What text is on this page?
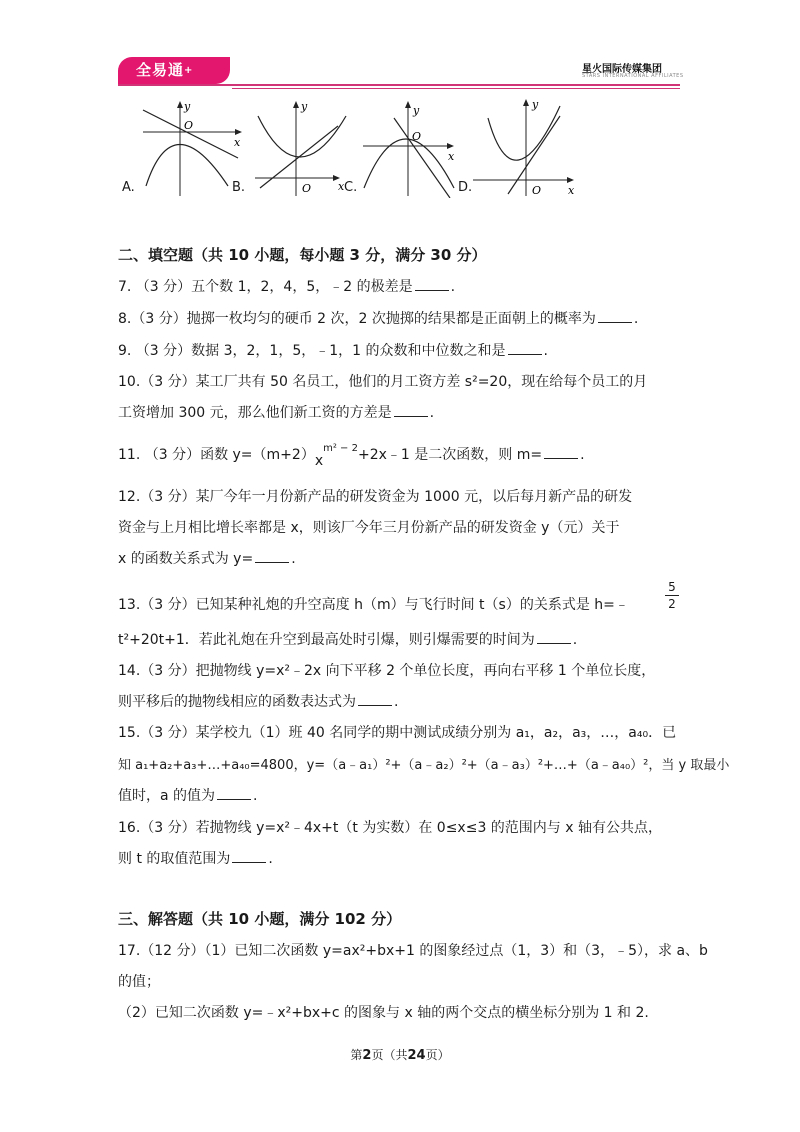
全易通+	星火国际传媒集团
STARS INTERNATIONAL AFFILIATES
y
O
x
A.
y
O x
B.
y
O
x
C.
y
O x
D.
二、填空题（共 10 小题，每小题 3 分，满分 30 分）
7. （3 分）五个数 1，2，4，5，﹣2 的极差是	.
8.（3 分）抛掷一枚均匀的硬币 2 次，2 次抛掷的结果都是正面朝上的概率为	.
9. （3 分）数据 3，2，1，5，﹣1，1 的众数和中位数之和是	.
10.（3 分）某工厂共有 50 名员工，他们的月工资方差 s²=20，现在给每个员工的月
工资增加 300 元，那么他们新工资的方差是	.
11. （3 分）函数 $y=(m+2)x^{m^2 - 2}+2x﹣1$ 是二次函数，则 m=	.
12.（3 分）某厂今年一月份新产品的研发资金为 1000 元，以后每月新产品的研发
资金与上月相比增长率都是 x，则该厂今年三月份新产品的研发资金 y（元）关于
x 的函数关系式为 y=	.
13.（3 分）已知某种礼炮的升空高度 h（m）与飞行时间 t（s）的关系式是 h=﹣
5
2
t²+20t+1．若此礼炮在升空到最高处时引爆，则引爆需要的时间为	.
14.（3 分）把抛物线 y=x²﹣2x 向下平移 2 个单位长度，再向右平移 1 个单位长度，
则平移后的抛物线相应的函数表达式为	.
15.（3 分）某学校九（1）班 40 名同学的期中测试成绩分别为 a₁，a₂，a₃，…，a₄₀．已
知 a₁+a₂+a₃+…+a₄₀=4800，y=（a﹣a₁）²+（a﹣a₂）²+（a﹣a₃）²+…+（a﹣a₄₀）²，当 y 取最小
值时，a 的值为	.
16.（3 分）若抛物线 y=x²﹣4x+t（t 为实数）在 0≤x≤3 的范围内与 x 轴有公共点，
则 t 的取值范围为	.
三、解答题（共 10 小题，满分 102 分）
17.（12 分）（1）已知二次函数 y=ax²+bx+1 的图象经过点（1，3）和（3，﹣5），求 a、b
的值；
（2）已知二次函数 y=﹣x²+bx+c 的图象与 x 轴的两个交点的横坐标分别为 1 和 2.
第2页（共24页）
